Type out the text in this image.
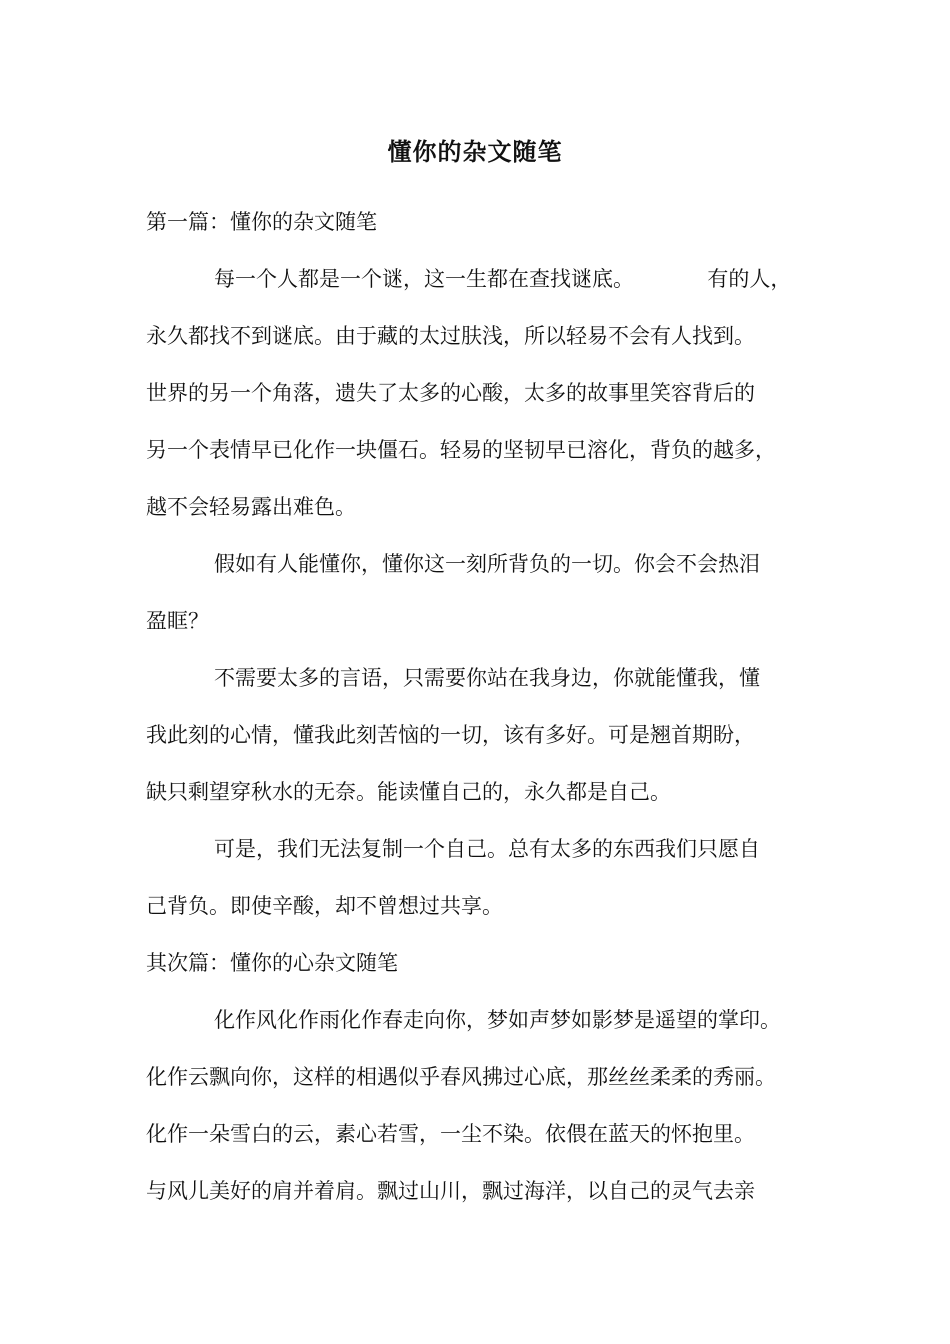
懂你的杂文随笔
第一篇：懂你的杂文随笔
每一个人都是一个谜，这一生都在查找谜底。           有的人，
永久都找不到谜底。由于藏的太过肤浅，所以轻易不会有人找到。
世界的另一个角落，遗失了太多的心酸，太多的故事里笑容背后的
另一个表情早已化作一块僵石。轻易的坚韧早已溶化，背负的越多，
越不会轻易露出难色。
假如有人能懂你，懂你这一刻所背负的一切。你会不会热泪
盈眶？
不需要太多的言语，只需要你站在我身边，你就能懂我，懂
我此刻的心情，懂我此刻苦恼的一切，该有多好。可是翘首期盼，
缺只剩望穿秋水的无奈。能读懂自己的，永久都是自己。
可是，我们无法复制一个自己。总有太多的东西我们只愿自
己背负。即使辛酸，却不曾想过共享。
其次篇：懂你的心杂文随笔
化作风化作雨化作春走向你，梦如声梦如影梦是遥望的掌印。
化作云飘向你，这样的相遇似乎春风拂过心底，那丝丝柔柔的秀丽。
化作一朵雪白的云，素心若雪，一尘不染。依偎在蓝天的怀抱里。
与风儿美好的肩并着肩。飘过山川，飘过海洋，以自己的灵气去亲
